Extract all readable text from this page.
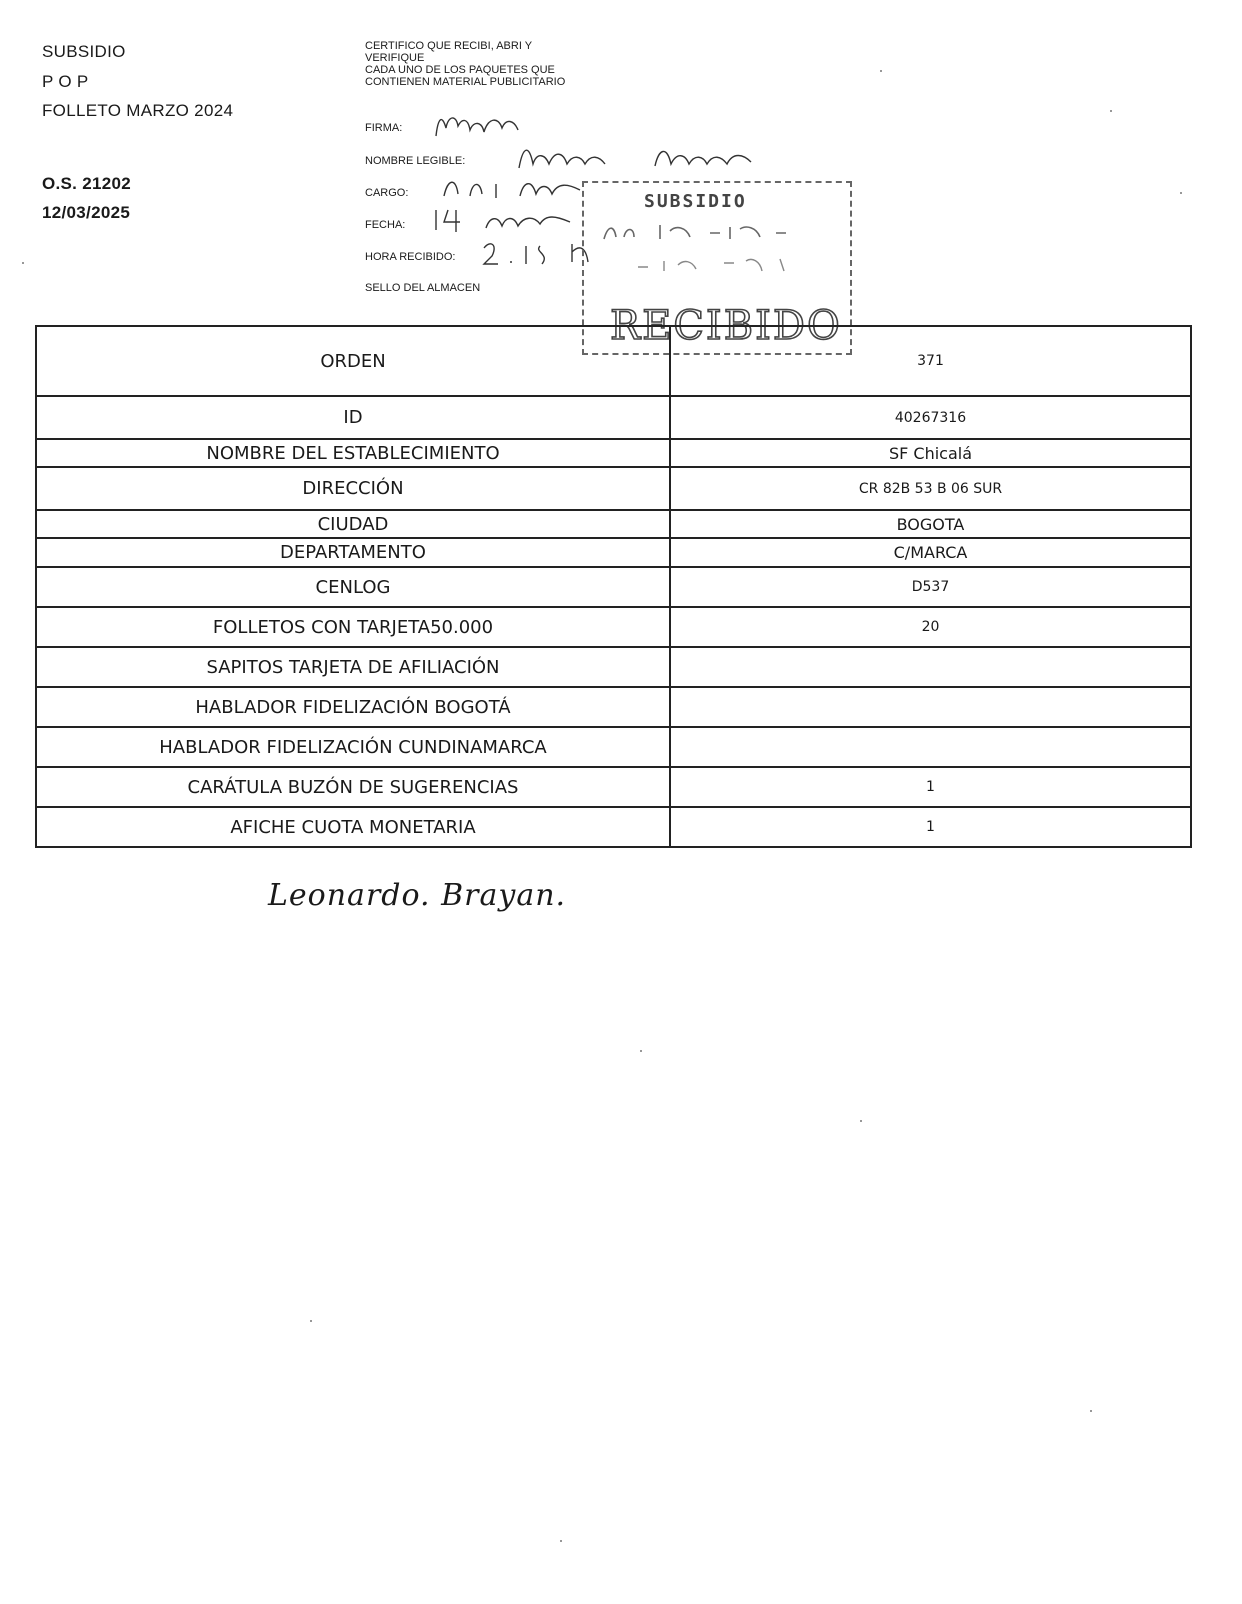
SUBSIDIO
P O P
FOLLETO MARZO 2024
O.S. 21202
12/03/2025
CERTIFICO QUE RECIBI, ABRI Y
VERIFIQUE
CADA UNO DE LOS PAQUETES QUE
CONTIENEN MATERIAL PUBLICITARIO
FIRMA:
NOMBRE LEGIBLE:
CARGO:
FECHA:
HORA RECIBIDO:
SELLO DEL ALMACEN
SUBSIDIO
RECIBIDO
ORDEN	371
ID	40267316
NOMBRE DEL ESTABLECIMIENTO	SF Chicalá
DIRECCIÓN	CR 82B 53 B 06 SUR
CIUDAD	BOGOTA
DEPARTAMENTO	C/MARCA
CENLOG	D537
FOLLETOS CON TARJETA50.000	20
SAPITOS TARJETA DE AFILIACIÓN	
HABLADOR FIDELIZACIÓN BOGOTÁ	
HABLADOR FIDELIZACIÓN CUNDINAMARCA	
CARÁTULA BUZÓN DE SUGERENCIAS	1
AFICHE CUOTA MONETARIA	1
Leonardo. Brayan.
